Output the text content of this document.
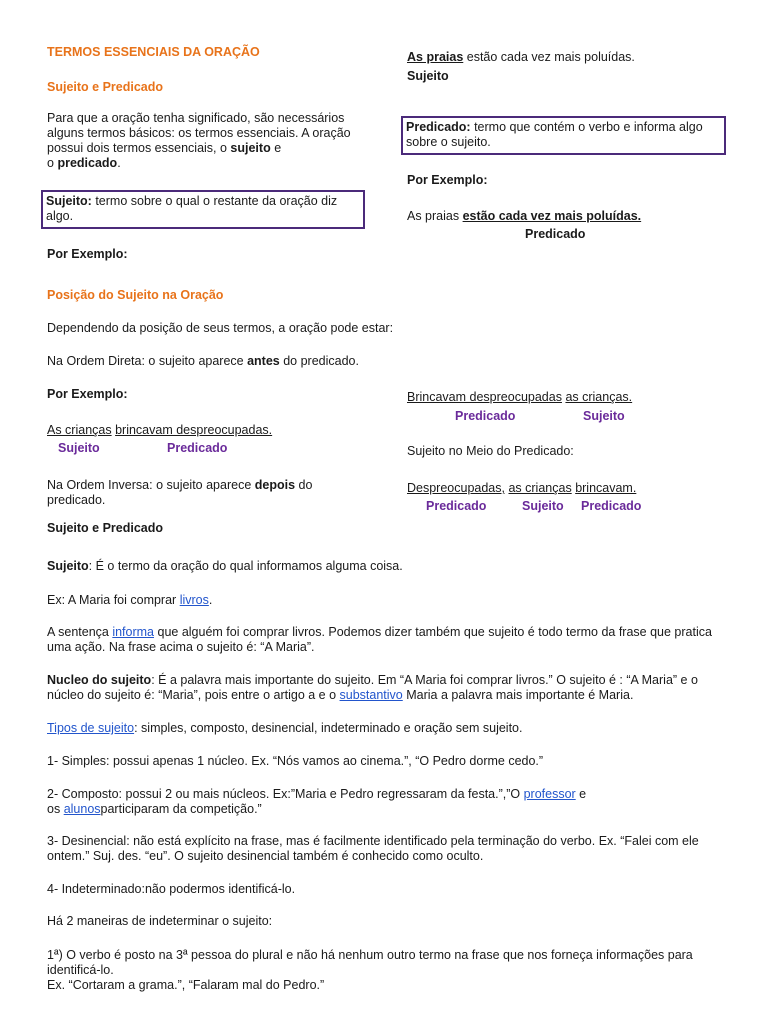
TERMOS ESSENCIAIS DA ORAÇÃO
Sujeito e Predicado
Para que a oração tenha significado, são necessários alguns termos básicos: os termos essenciais. A oração possui dois termos essenciais, o sujeito e
o predicado.
Sujeito: termo sobre o qual o restante da oração diz algo.
Por Exemplo:
Posição do Sujeito na Oração
Dependendo da posição de seus termos, a oração pode estar:
Na Ordem Direta: o sujeito aparece antes do predicado.
Por Exemplo:
As crianças brincavam despreocupadas.
Sujeito	Predicado
Na Ordem Inversa: o sujeito aparece depois do predicado.
Sujeito e Predicado
As praias estão cada vez mais poluídas.
Sujeito
Predicado: termo que contém o verbo e informa algo sobre o sujeito.
Por Exemplo:
As praias estão cada vez mais poluídas.
Predicado
Brincavam despreocupadas as crianças.
Predicado	Sujeito
Sujeito no Meio do Predicado:
Despreocupadas, as crianças brincavam.
Predicado	Sujeito Predicado
Sujeito: É o termo da oração do qual informamos alguma coisa.
Ex: A Maria foi comprar livros.
A sentença informa que alguém foi comprar livros. Podemos dizer também que sujeito é todo termo da frase que pratica uma ação. Na frase acima o sujeito é: “A Maria”.
Nucleo do sujeito: É a palavra mais importante do sujeito. Em “A Maria foi comprar livros.” O sujeito é : “A Maria” e o núcleo do sujeito é: “Maria”, pois entre o artigo a e o substantivo Maria a palavra mais importante é Maria.
Tipos de sujeito: simples, composto, desinencial, indeterminado e oração sem sujeito.
1- Simples: possui apenas 1 núcleo. Ex. “Nós vamos ao cinema.”, “O Pedro dorme cedo.”
2- Composto: possui 2 ou mais núcleos. Ex:”Maria e Pedro regressaram da festa.”,”O professor e
os alunosparticiparam da competição.”
3- Desinencial: não está explícito na frase, mas é facilmente identificado pela terminação do verbo. Ex. “Falei com ele ontem.” Suj. des. “eu”. O sujeito desinencial também é conhecido como oculto.
4- Indeterminado:não podermos identificá-lo.
Há 2 maneiras de indeterminar o sujeito:
1ª) O verbo é posto na 3ª pessoa do plural e não há nenhum outro termo na frase que nos forneça informações para identificá-lo.
Ex. “Cortaram a grama.”, “Falaram mal do Pedro.”
